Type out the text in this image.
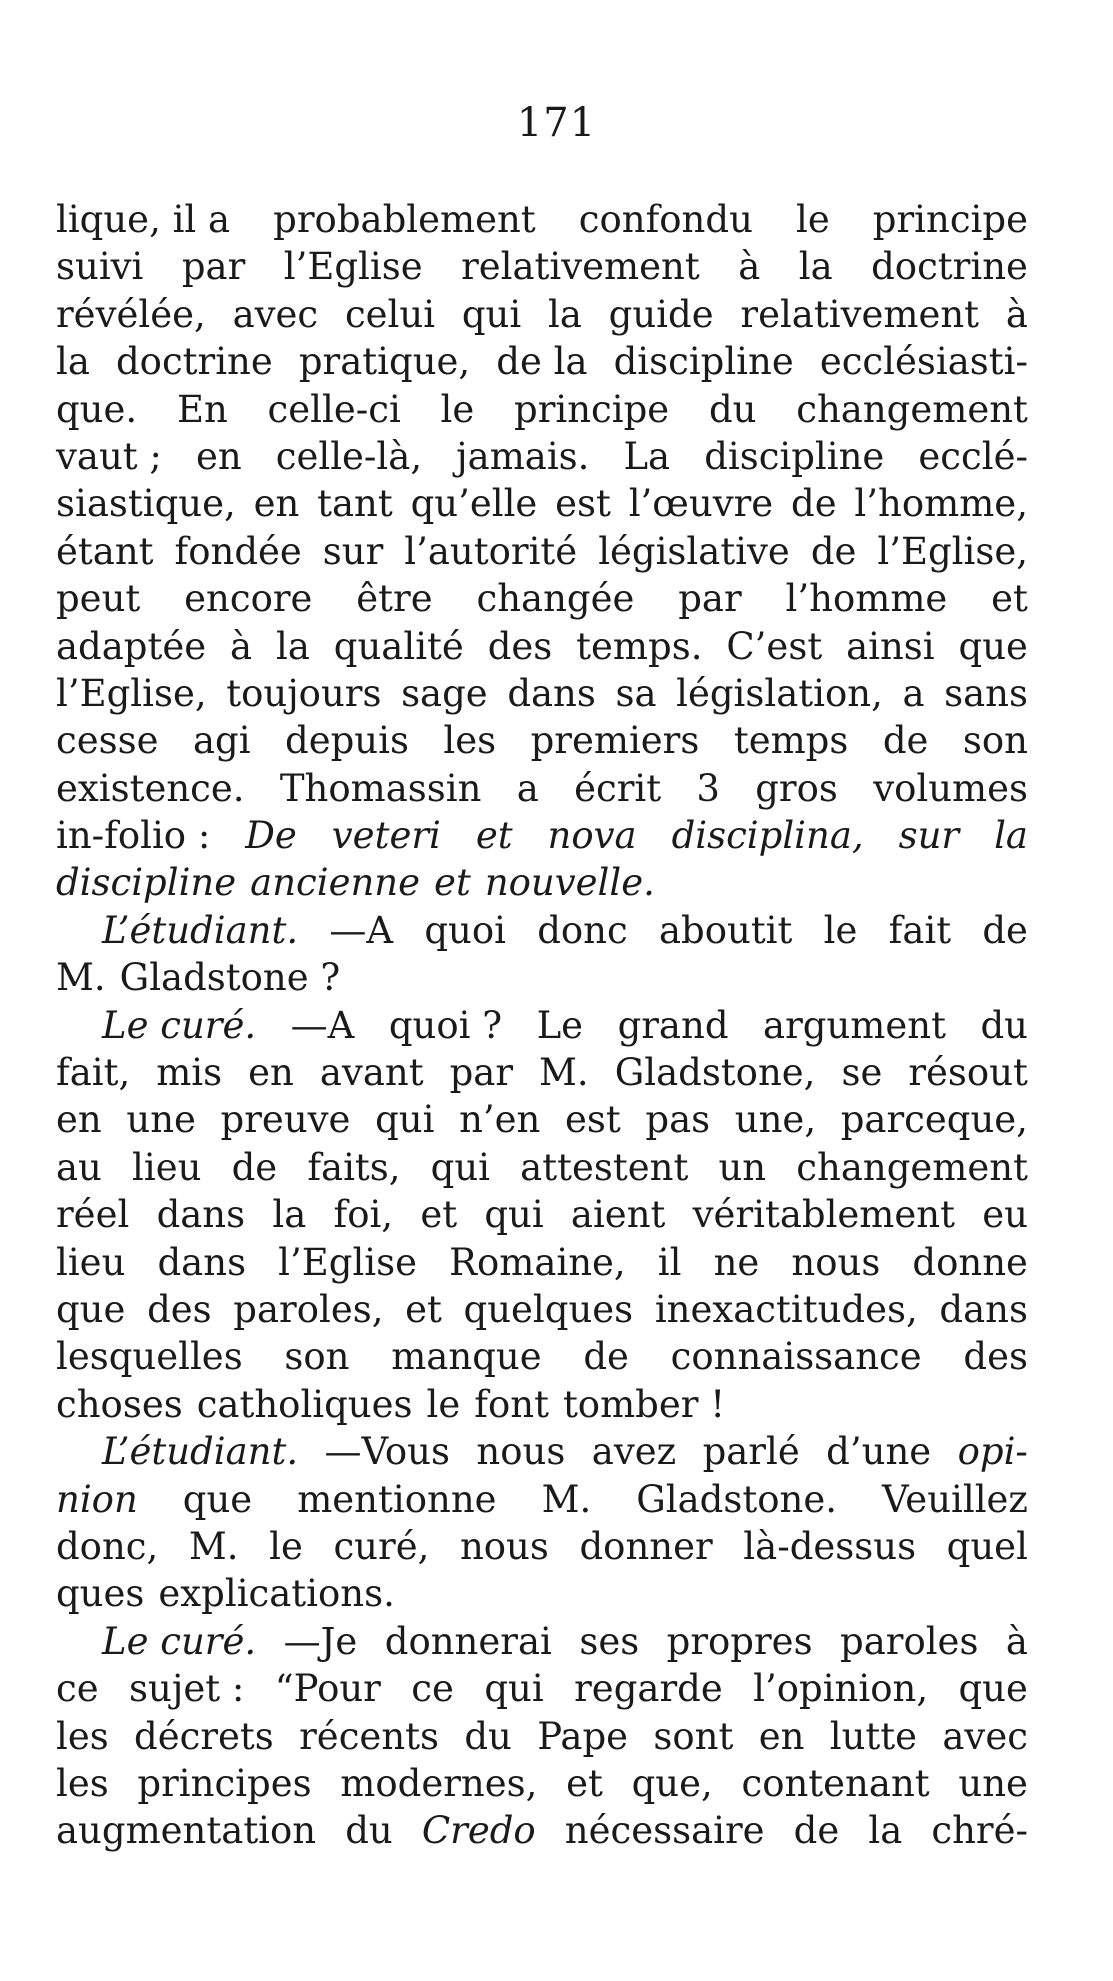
171
lique, il a probablement confondu le principe
suivi par l’Eglise relativement à la doctrine
révélée, avec celui qui la guide relativement à
la doctrine pratique, de la discipline ecclésiasti-
que. En celle-ci le principe du changement
vaut ; en celle-là, jamais. La discipline ecclé-
siastique, en tant qu’elle est l’œuvre de l’homme,
étant fondée sur l’autorité législative de l’Eglise,
peut encore être changée par l’homme et
adaptée à la qualité des temps. C’est ainsi que
l’Eglise, toujours sage dans sa législation, a sans
cesse agi depuis les premiers temps de son
existence. Thomassin a écrit 3 gros volumes
in-folio : De veteri et nova disciplina, sur la
discipline ancienne et nouvelle.
L’étudiant. —A quoi donc aboutit le fait de
M. Gladstone ?
Le curé. —A quoi ? Le grand argument du
fait, mis en avant par M. Gladstone, se résout
en une preuve qui n’en est pas une, parceque,
au lieu de faits, qui attestent un changement
réel dans la foi, et qui aient véritablement eu
lieu dans l’Eglise Romaine, il ne nous donne
que des paroles, et quelques inexactitudes, dans
lesquelles son manque de connaissance des
choses catholiques le font tomber !
L’étudiant. —Vous nous avez parlé d’une opi-
nion que mentionne M. Gladstone. Veuillez
donc, M. le curé, nous donner là-dessus quel
ques explications.
Le curé. —Je donnerai ses propres paroles à
ce sujet : “Pour ce qui regarde l’opinion, que
les décrets récents du Pape sont en lutte avec
les principes modernes, et que, contenant une
augmentation du Credo nécessaire de la chré-
